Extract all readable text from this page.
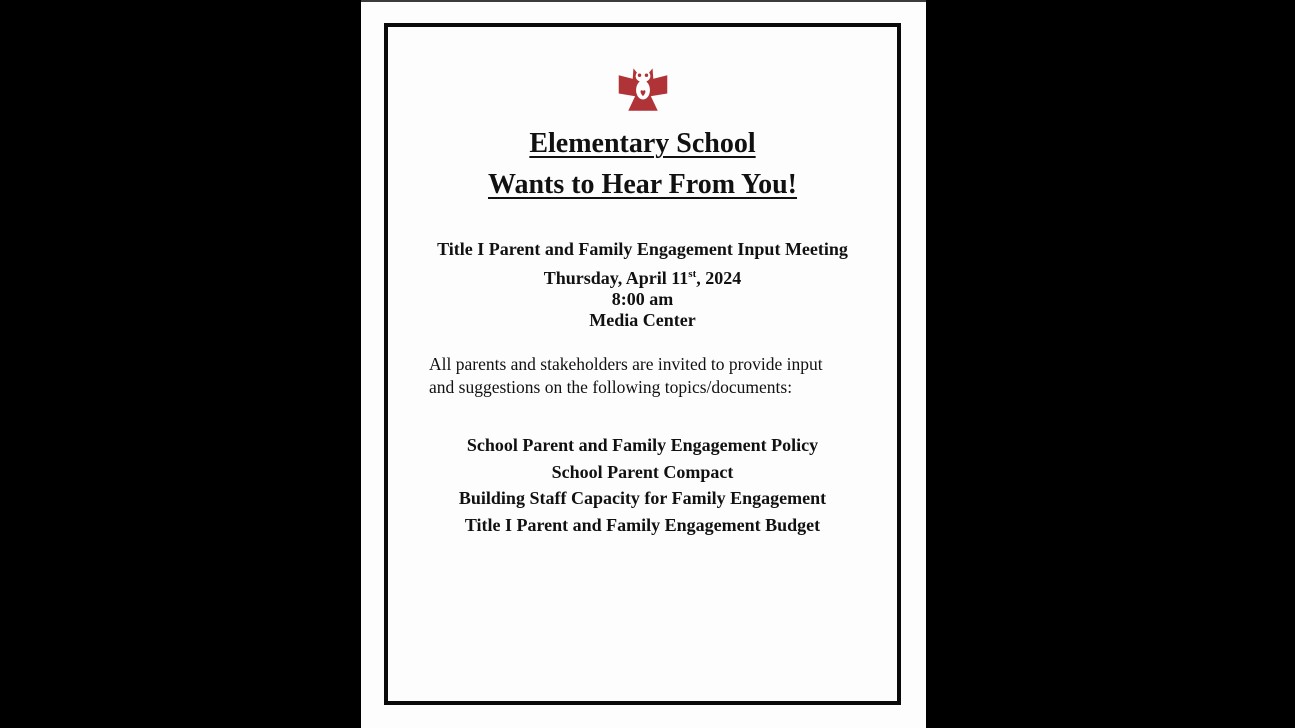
Elementary School
Wants to Hear From You!
Title I Parent and Family Engagement Input Meeting
Thursday, April 11st, 2024
8:00 am
Media Center
All parents and stakeholders are invited to provide input
and suggestions on the following topics/documents:
School Parent and Family Engagement Policy
School Parent Compact
Building Staff Capacity for Family Engagement
Title I Parent and Family Engagement Budget
